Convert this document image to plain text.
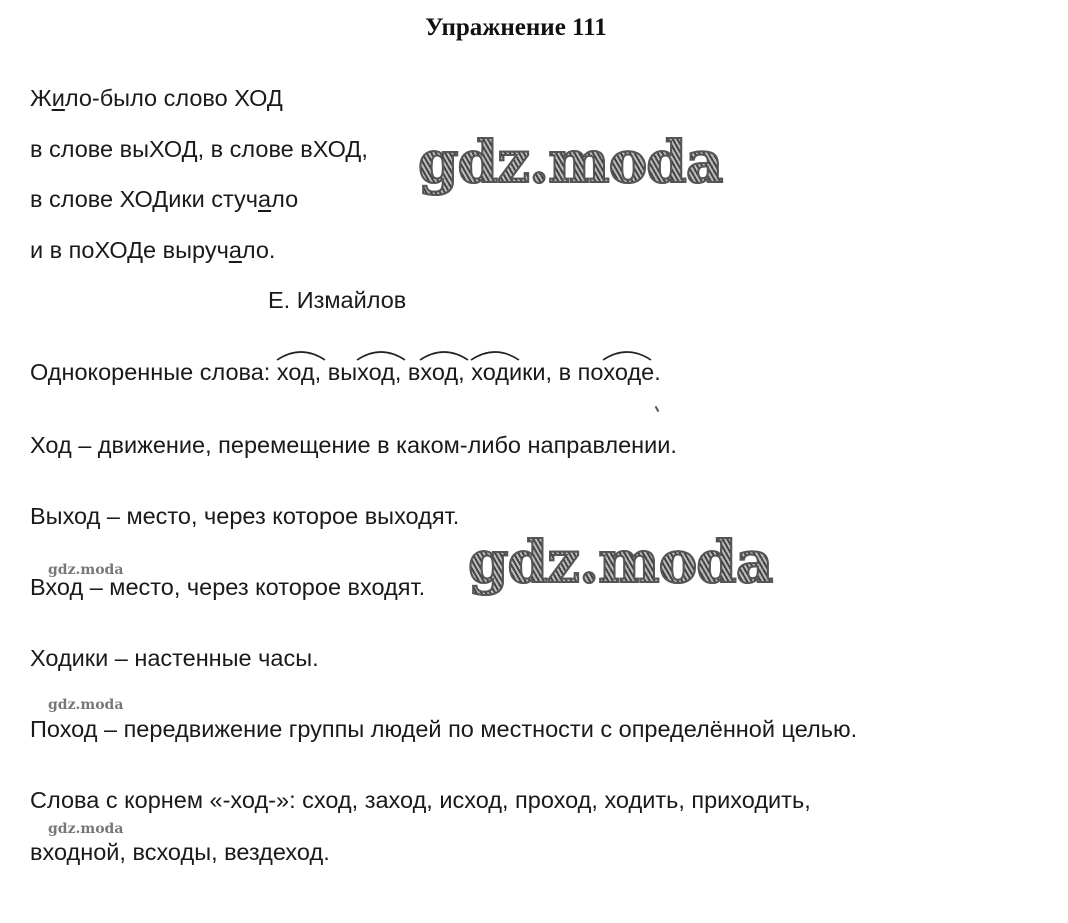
Упражнение 111
Жило-было слово ХОД
в слове выХОД, в слове вХОД,
в слове ХОДики стучало
и в поХОДе выручало.
Е. Измайлов
Однокоренные слова:
ход, вы
ход, в
ход,
ходики, в по
ходе.
Ход – движение, перемещение в каком-либо направлении.
Выход – место, через которое выходят.
Вход – место, через которое входят.
Ходики – настенные часы.
Поход – передвижение группы людей по местности с определённой целью.
Слова с корнем «-ход-»: сход, заход, исход, проход, ходить, приходить,
входной, всходы, вездеход.
gdz.moda
gdz.moda
gdz.moda
gdz.moda
gdz.moda
